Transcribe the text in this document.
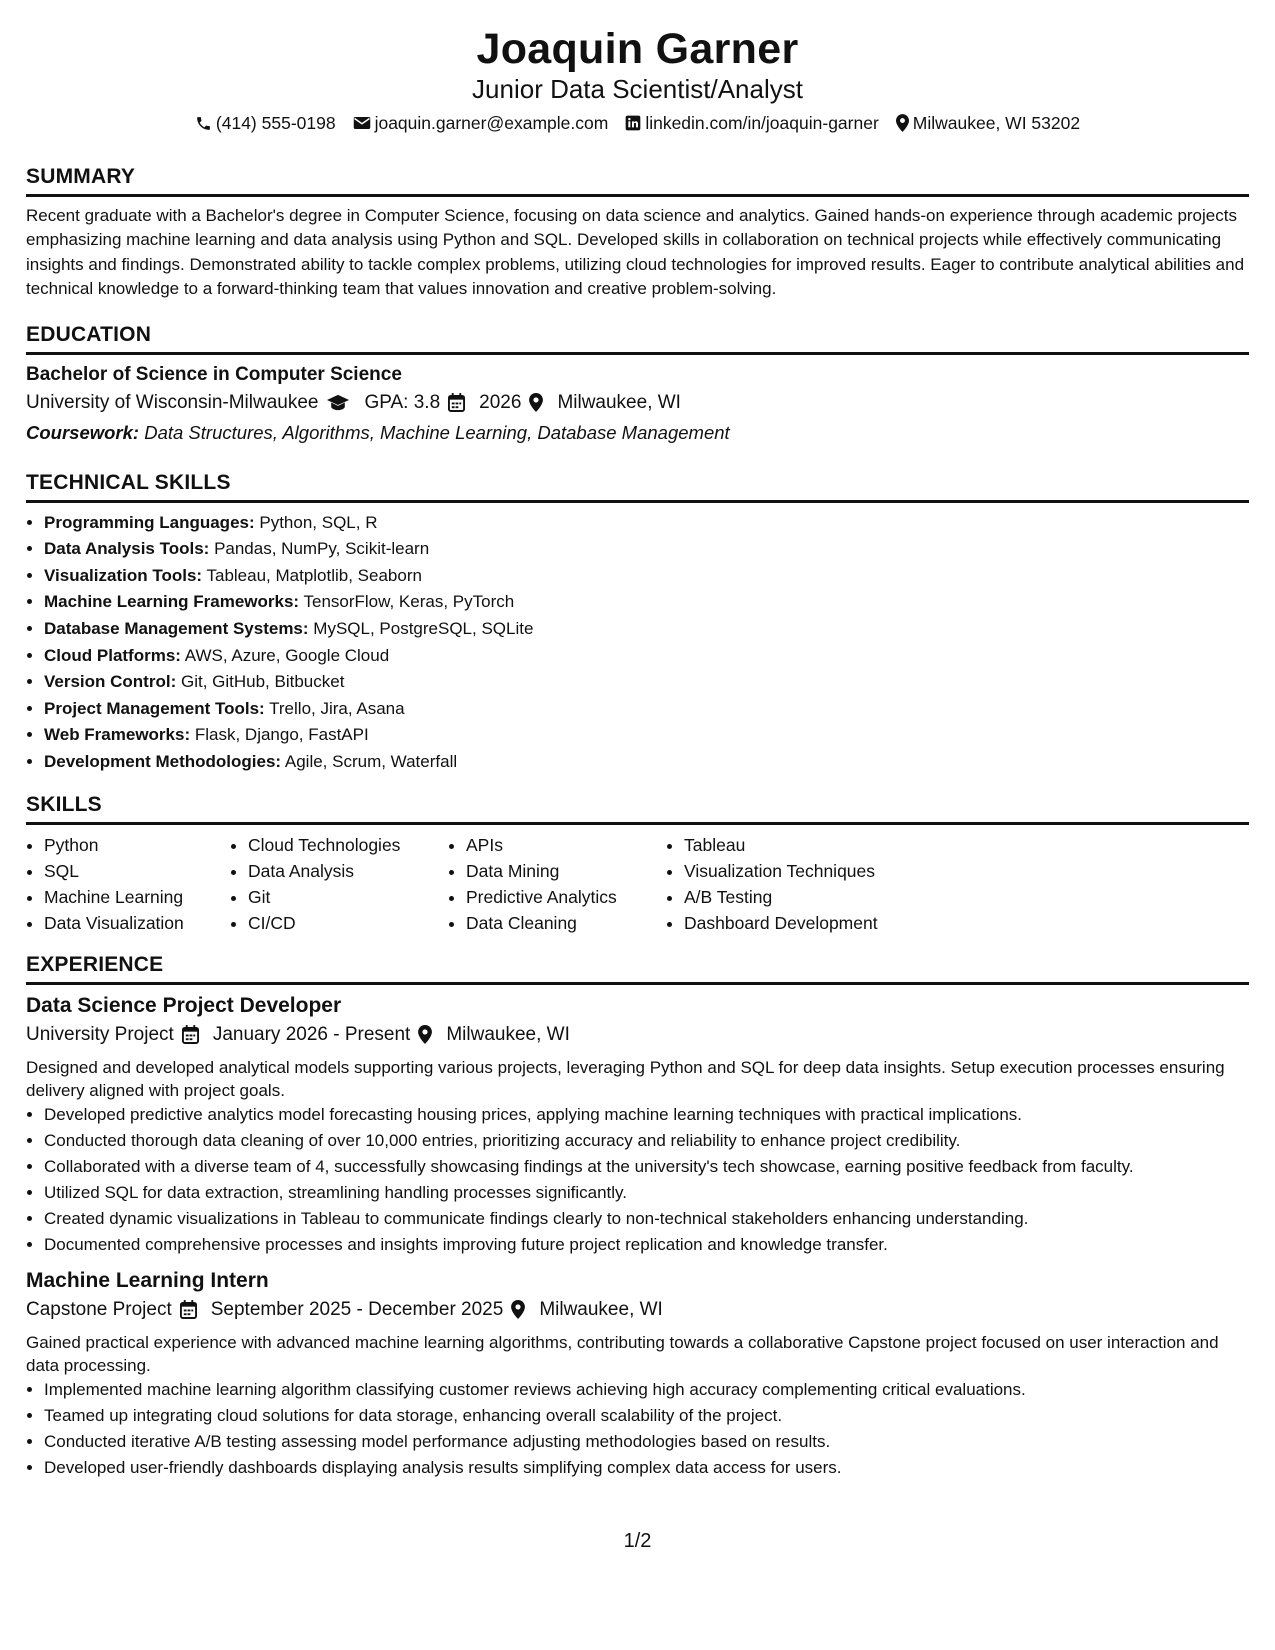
Joaquin Garner
Junior Data Scientist/Analyst
(414) 555-0198 joaquin.garner@example.com linkedin.com/in/joaquin-garner Milwaukee, WI 53202
SUMMARY

Recent graduate with a Bachelor's degree in Computer Science, focusing on data science and analytics. Gained hands-on experience through academic projects emphasizing machine learning and data analysis using Python and SQL. Developed skills in collaboration on technical projects while effectively communicating insights and findings. Demonstrated ability to tackle complex problems, utilizing cloud technologies for improved results. Eager to contribute analytical abilities and technical knowledge to a forward-thinking team that values innovation and creative problem-solving.

EDUCATION
Bachelor of Science in Computer Science
University of Wisconsin-Milwaukee GPA: 3.8 2026 Milwaukee, WI
Coursework: Data Structures, Algorithms, Machine Learning, Database Management
TECHNICAL SKILLS
• Programming Languages: Python, SQL, R
• Data Analysis Tools: Pandas, NumPy, Scikit-learn
• Visualization Tools: Tableau, Matplotlib, Seaborn
• Machine Learning Frameworks: TensorFlow, Keras, PyTorch
• Database Management Systems: MySQL, PostgreSQL, SQLite
• Cloud Platforms: AWS, Azure, Google Cloud
• Version Control: Git, GitHub, Bitbucket
• Project Management Tools: Trello, Jira, Asana
• Web Frameworks: Flask, Django, FastAPI
• Development Methodologies: Agile, Scrum, Waterfall
SKILLS
• Python
• SQL
• Machine Learning
• Data Visualization
• Cloud Technologies
• Data Analysis
• Git
• CI/CD
• APIs
• Data Mining
• Predictive Analytics
• Data Cleaning
• Tableau
• Visualization Techniques
• A/B Testing
• Dashboard Development
EXPERIENCE
Data Science Project Developer
University Project January 2026 - Present Milwaukee, WI

Designed and developed analytical models supporting various projects, leveraging Python and SQL for deep data insights. Setup execution processes ensuring delivery aligned with project goals.

• Developed predictive analytics model forecasting housing prices, applying machine learning techniques with practical implications.
• Conducted thorough data cleaning of over 10,000 entries, prioritizing accuracy and reliability to enhance project credibility.
• Collaborated with a diverse team of 4, successfully showcasing findings at the university's tech showcase, earning positive feedback from faculty.
• Utilized SQL for data extraction, streamlining handling processes significantly.
• Created dynamic visualizations in Tableau to communicate findings clearly to non-technical stakeholders enhancing understanding.
• Documented comprehensive processes and insights improving future project replication and knowledge transfer.
Machine Learning Intern
Capstone Project September 2025 - December 2025 Milwaukee, WI

Gained practical experience with advanced machine learning algorithms, contributing towards a collaborative Capstone project focused on user interaction and data processing.

• Implemented machine learning algorithm classifying customer reviews achieving high accuracy complementing critical evaluations.
• Teamed up integrating cloud solutions for data storage, enhancing overall scalability of the project.
• Conducted iterative A/B testing assessing model performance adjusting methodologies based on results.
• Developed user-friendly dashboards displaying analysis results simplifying complex data access for users.
1/2
